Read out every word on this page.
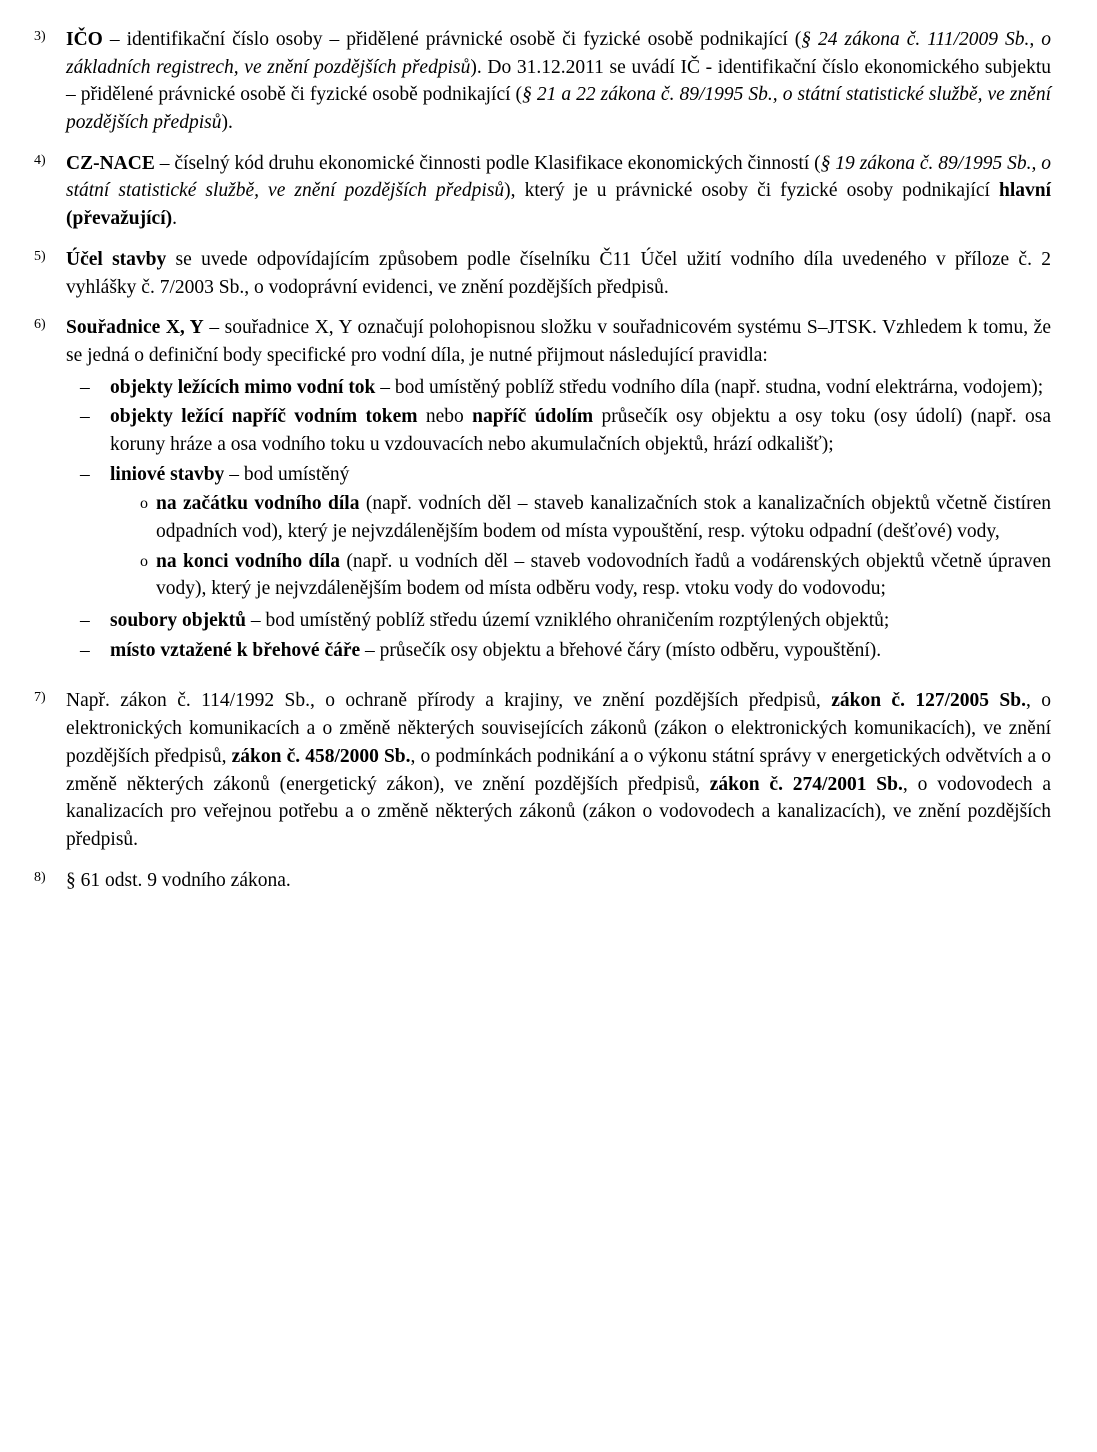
3)	IČO – identifikační číslo osoby – přidělené právnické osobě či fyzické osobě podnikající (§ 24 zákona č. 111/2009 Sb., o základních registrech, ve znění pozdějších předpisů). Do 31.12.2011 se uvádí IČ - identifikační číslo ekonomického subjektu – přidělené právnické osobě či fyzické osobě podnikající (§ 21 a 22 zákona č. 89/1995 Sb., o státní statistické službě, ve znění pozdějších předpisů).

4)	CZ-NACE – číselný kód druhu ekonomické činnosti podle Klasifikace ekonomických činností (§ 19 zákona č. 89/1995 Sb., o státní statistické službě, ve znění pozdějších předpisů), který je u právnické osoby či fyzické osoby podnikající hlavní (převažující).

5)	Účel stavby se uvede odpovídajícím způsobem podle číselníku Č11 Účel užití vodního díla uvedeného v příloze č. 2 vyhlášky č. 7/2003 Sb., o vodoprávní evidenci, ve znění pozdějších předpisů.

6)	Souřadnice X, Y – souřadnice X, Y označují polohopisnou složku v souřadnicovém systému S–JTSK. Vzhledem k tomu, že se jedná o definiční body specifické pro vodní díla, je nutné přijmout následující pravidla:

–	objekty ležících mimo vodní tok – bod umístěný poblíž středu vodního díla (např. studna, vodní elektrárna, vodojem);
–	objekty ležící napříč vodním tokem nebo napříč údolím průsečík osy objektu a osy toku (osy údolí) (např. osa koruny hráze a osa vodního toku u vzdouvacích nebo akumulačních objektů, hrází odkališť);
–	liniové stavby – bod umístěný
o na začátku vodního díla (např. vodních děl – staveb kanalizačních stok a kanalizačních objektů včetně čistíren odpadních vod), který je nejvzdálenějším bodem od místa vypouštění, resp. výtoku odpadní (dešťové) vody,
o na konci vodního díla (např. u vodních děl – staveb vodovodních řadů a vodárenských objektů včetně úpraven vody), který je nejvzdálenějším bodem od místa odběru vody, resp. vtoku vody do vodovodu;
–	soubory objektů – bod umístěný poblíž středu území vzniklého ohraničením rozptýlených objektů;
–	místo vztažené k břehové čáře – průsečík osy objektu a břehové čáry (místo odběru, vypouštění).
7)	Např. zákon č. 114/1992 Sb., o ochraně přírody a krajiny, ve znění pozdějších předpisů, zákon č. 127/2005 Sb., o elektronických komunikacích a o změně některých souvisejících zákonů (zákon o elektronických komunikacích), ve znění pozdějších předpisů, zákon č. 458/2000 Sb., o podmínkách podnikání a o výkonu státní správy v energetických odvětvích a o změně některých zákonů (energetický zákon), ve znění pozdějších předpisů, zákon č. 274/2001 Sb., o vodovodech a kanalizacích pro veřejnou potřebu a o změně některých zákonů (zákon o vodovodech a kanalizacích), ve znění pozdějších předpisů.

8)	§ 61 odst. 9 vodního zákona.
